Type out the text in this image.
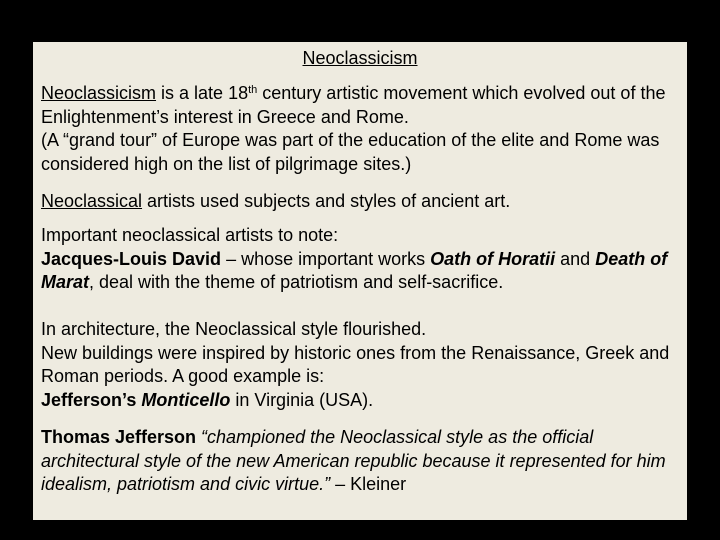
Neoclassicism
Neoclassicism is a late 18th century artistic movement which evolved out of the Enlightenment’s interest in Greece and Rome.
(A “grand tour” of Europe was part of the education of the elite and Rome was considered high on the list of pilgrimage sites.)
Neoclassical artists used subjects and styles of ancient art.
Important neoclassical artists to note:
Jacques-Louis David – whose important works Oath of Horatii and Death of Marat, deal with the theme of patriotism and self-sacrifice.
In architecture, the Neoclassical style flourished.
New buildings were inspired by historic ones from the Renaissance, Greek and Roman periods. A good example is:
Jefferson’s Monticello in Virginia (USA).
Thomas Jefferson “championed the Neoclassical style as the official architectural style of the new American republic because it represented for him idealism, patriotism and civic virtue.” – Kleiner
